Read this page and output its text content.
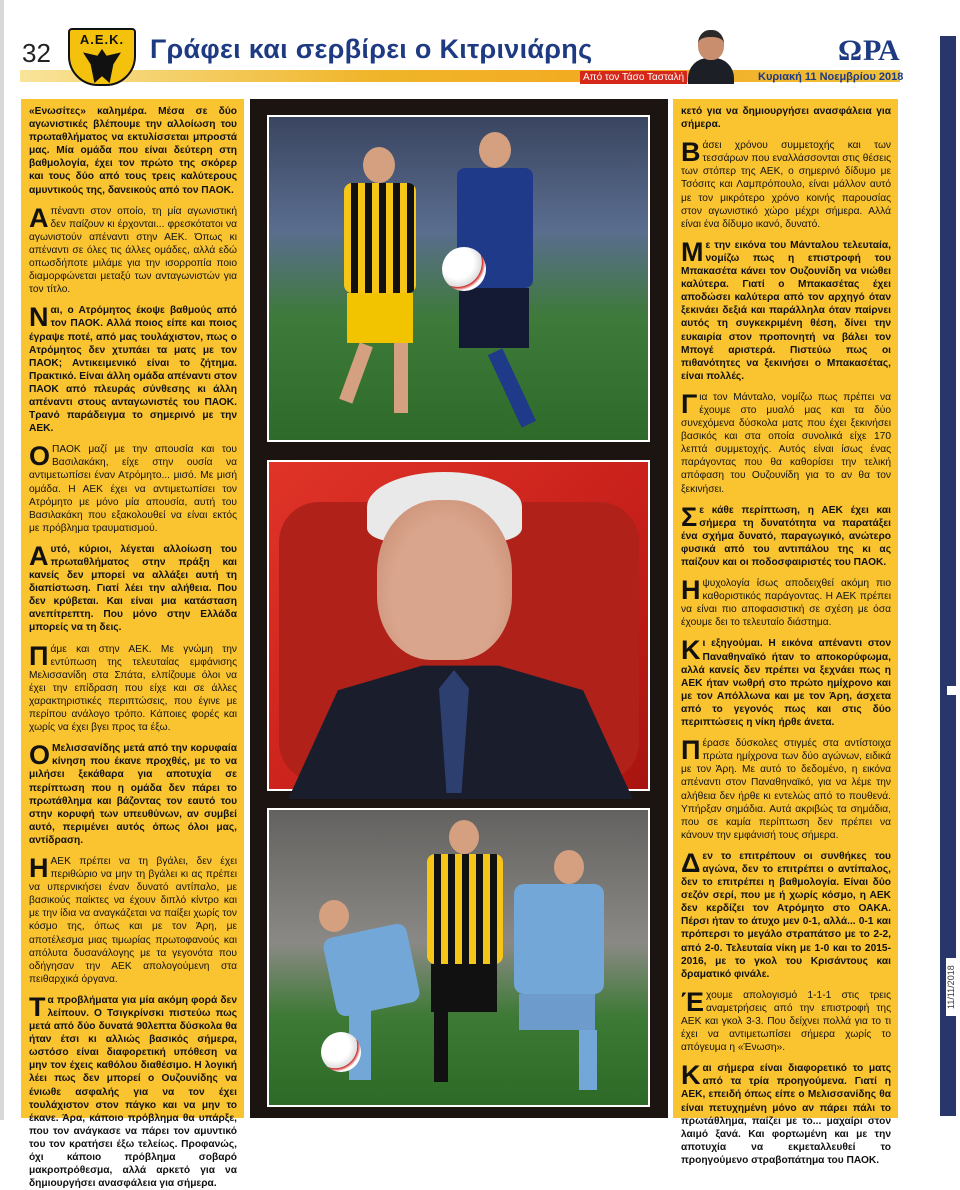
32 Α.Ε.Κ. Γράφει και σερβίρει ο Κιτρινιάρης
Από τον Τάσο Τασταλή
ΩΡΑ
Κυριακή 11 Νοεμβρίου 2018
11/11/2018
«Ενωσίτες» καλημέρα. Μέσα σε δύο αγωνιστικές βλέπουμε την αλλοίωση του πρωταθλήματος να εκτυλίσσεται μπροστά μας. Μία ομάδα που είναι δεύτερη στη βαθμολογία, έχει τον πρώτο της σκόρερ και τους δύο από τους τρεις καλύτερους αμυντικούς της, δανεικούς από τον ΠΑΟΚ.
Απέναντι στον οποίο, τη μία αγωνιστική δεν παίζουν κι έρχονται... φρεσκότατοι να αγωνιστούν απέναντι στην ΑΕΚ. Όπως κι απέναντι σε όλες τις άλλες ομάδες, αλλά εδώ οπωσδήποτε μιλάμε για την ισορροπία ποιο διαμορφώνεται μεταξύ των ανταγωνιστών για τον τίτλο.
Ναι, ο Ατρόμητος έκοψε βαθμούς από τον ΠΑΟΚ. Αλλά ποιος είπε και ποιος έγραψε ποτέ, από μας τουλάχιστον, πως ο Ατρόμητος δεν χτυπάει τα ματς με τον ΠΑΟΚ; Αντικειμενικό είναι το ζήτημα. Πρακτικό. Είναι άλλη ομάδα απέναντι στον ΠΑΟΚ από πλευράς σύνθεσης κι άλλη απέναντι στους ανταγωνιστές του ΠΑΟΚ. Τρανό παράδειγμα το σημερινό με την ΑΕΚ.
ΟΠΑΟΚ μαζί με την απουσία και του Βασιλακάκη, είχε στην ουσία να αντιμετωπίσει έναν Ατρόμητο... μισό. Με μισή ομάδα. Η ΑΕΚ έχει να αντιμετωπίσει τον Ατρόμητο με μόνο μία απουσία, αυτή του Βασιλακάκη που εξακολουθεί να είναι εκτός με πρόβλημα τραυματισμού.
Αυτό, κύριοι, λέγεται αλλοίωση του πρωταθλήματος στην πράξη και κανείς δεν μπορεί να αλλάξει αυτή τη διαπίστωση. Γιατί λέει την αλήθεια. Που δεν κρύβεται. Και είναι μια κατάσταση ανεπίτρεπτη. Που μόνο στην Ελλάδα μπορείς να τη δεις.
Πάμε και στην ΑΕΚ. Με γνώμη την εντύπωση της τελευταίας εμφάνισης Μελισσανίδη στα Σπάτα, ελπίζουμε όλοι να έχει την επίδραση που είχε και σε άλλες χαρακτηριστικές περιπτώσεις, που έγινε με περίπου ανάλογο τρόπο. Κάποιες φορές και χωρίς να έχει βγει προς τα έξω.
Ο Μελισσανίδης μετά από την κορυφαία κίνηση που έκανε προχθές, με το να μιλήσει ξεκάθαρα για αποτυχία σε περίπτωση που η ομάδα δεν πάρει το πρωτάθλημα και βάζοντας τον εαυτό του στην κορυφή των υπευθύνων, αν συμβεί αυτό, περιμένει αυτός όπως όλοι μας, αντίδραση.
ΗΑΕΚ πρέπει να τη βγάλει, δεν έχει περιθώριο να μην τη βγάλει κι ας πρέπει να υπερνικήσει έναν δυνατό αντίπαλο, με βασικούς παίκτες να έχουν διπλό κίντρο και με την ίδια να αναγκάζεται να παίξει χωρίς τον κόσμο της, όπως και με τον Άρη, με αποτέλεσμα μιας τιμωρίας πρωτοφανούς και απόλυτα δυσανάλογης με τα γεγονότα που οδήγησαν την ΑΕΚ απολογούμενη στα πειθαρχικά όργανα.
Τα προβλήματα για μία ακόμη φορά δεν λείπουν. Ο Τσιγκρίνσκι πιστεύω πως μετά από δύο δυνατά 90λεπτα δύσκολα θα ήταν έτσι κι αλλιώς βασικός σήμερα, ωστόσο είναι διαφορετική υπόθεση να μην τον έχεις καθόλου διαθέσιμο. Η λογική λέει πως δεν μπορεί ο Ουζουνίδης να ένιωθε ασφαλής για να τον έχει τουλάχιστον στον πάγκο και να μην το έκανε. Άρα, κάποιο πρόβλημα θα υπάρξε, που τον ανάγκασε να πάρει τον αμυντικό του τον κρατήσει έξω τελείως. Προφανώς, όχι κάποιο πρόβλημα σοβαρό μακροπρόθεσμα, αλλά αρκετό για να δημιουργήσει ανασφάλεια για σήμερα.
κετό για να δημιουργήσει ανασφάλεια για σήμερα.
Βάσει χρόνου συμμετοχής και των τεσσάρων που εναλλάσσονται στις θέσεις των στόπερ της ΑΕΚ, ο σημερινό δίδυμο με Τσόσιτς και Λαμπρόπουλο, είναι μάλλον αυτό με τον μικρότερο χρόνο κοινής παρουσίας στον αγωνιστικό χώρο μέχρι σήμερα. Αλλά είναι ένα δίδυμο ικανό, δυνατό.
Με την εικόνα του Μάνταλου τελευταία, νομίζω πως η επιστροφή του Μπακασέτα κάνει τον Ουζουνίδη να νιώθει καλύτερα. Γιατί ο Μπακασέτας έχει αποδώσει καλύτερα από τον αρχηγό όταν ξεκινάει δεξιά και παράλληλα όταν παίρνει αυτός τη συγκεκριμένη θέση, δίνει την ευκαιρία στον προπονητή να βάλει τον Μπογέ αριστερά. Πιστεύω πως οι πιθανότητες να ξεκινήσει ο Μπακασέτας, είναι πολλές.
Για τον Μάνταλο, νομίζω πως πρέπει να έχουμε στο μυαλό μας και τα δύο συνεχόμενα δύσκολα ματς που έχει ξεκινήσει βασικός και στα οποία συνολικά είχε 170 λεπτά συμμετοχής. Αυτός είναι ίσως ένας παράγοντας που θα καθορίσει την τελική απόφαση του Ουζουνίδη για το αν θα τον ξεκινήσει.
Σε κάθε περίπτωση, η ΑΕΚ έχει και σήμερα τη δυνατότητα να παρατάξει ένα σχήμα δυνατό, παραγωγικό, ανώτερο φυσικά από του αντιπάλου της κι ας παίζουν και οι ποδοσφαιριστές του ΠΑΟΚ.
Ηψυχολογία ίσως αποδειχθεί ακόμη πιο καθοριστικός παράγοντας. Η ΑΕΚ πρέπει να είναι πιο αποφασιστική σε σχέση με όσα έχουμε δει το τελευταίο διάστημα.
Κι εξηγούμαι. Η εικόνα απέναντι στον Παναθηναϊκό ήταν το αποκορύφωμα, αλλά κανείς δεν πρέπει να ξεχνάει πως η ΑΕΚ ήταν νωθρή στο πρώτο ημίχρονο και με τον Απόλλωνα και με τον Άρη, άσχετα από το γεγονός πως και στις δύο περιπτώσεις η νίκη ήρθε άνετα.
Πέρασε δύσκολες στιγμές στα αντίστοιχα πρώτα ημίχρονα των δύο αγώνων, ειδικά με τον Άρη. Με αυτό το δεδομένο, η εικόνα απέναντι στον Παναθηναϊκό, για να λέμε την αλήθεια δεν ήρθε κι εντελώς από το πουθενά. Υπήρξαν σημάδια. Αυτά ακριβώς τα σημάδια, που σε καμία περίπτωση δεν πρέπει να κάνουν την εμφάνισή τους σήμερα.
Δεν το επιτρέπουν οι συνθήκες του αγώνα, δεν το επιτρέπει ο αντίπαλος, δεν το επιτρέπει η βαθμολογία. Είναι δύο σεζόν σερί, που με ή χωρίς κόσμο, η ΑΕΚ δεν κερδίζει τον Ατρόμητο στο ΟΑΚΑ. Πέρσι ήταν το άτυχο μεν 0-1, αλλά... 0-1 και πρόπερσι το μεγάλο στραπάτσο με το 2-2, από 2-0. Τελευταία νίκη με 1-0 και το 2015-2016, με το γκολ του Κρισάντους και δραματικό φινάλε.
Έχουμε απολογισμό 1-1-1 στις τρεις αναμετρήσεις από την επιστροφή της ΑΕΚ και γκολ 3-3. Που δείχνει πολλά για το τι έχει να αντιμετωπίσει σήμερα χωρίς το απόγευμα η «Ένωση».
Και σήμερα είναι διαφορετικό το ματς από τα τρία προηγούμενα. Γιατί η ΑΕΚ, επειδή όπως είπε ο Μελισσανίδης θα είναι πετυχημένη μόνο αν πάρει πάλι το πρωτάθλημα, παίζει με το... μαχαίρι στον λαιμό ξανά. Και φορτωμένη και με την αποτυχία να εκμεταλλευθεί το προηγούμενο στραβοπάτημα του ΠΑΟΚ.
